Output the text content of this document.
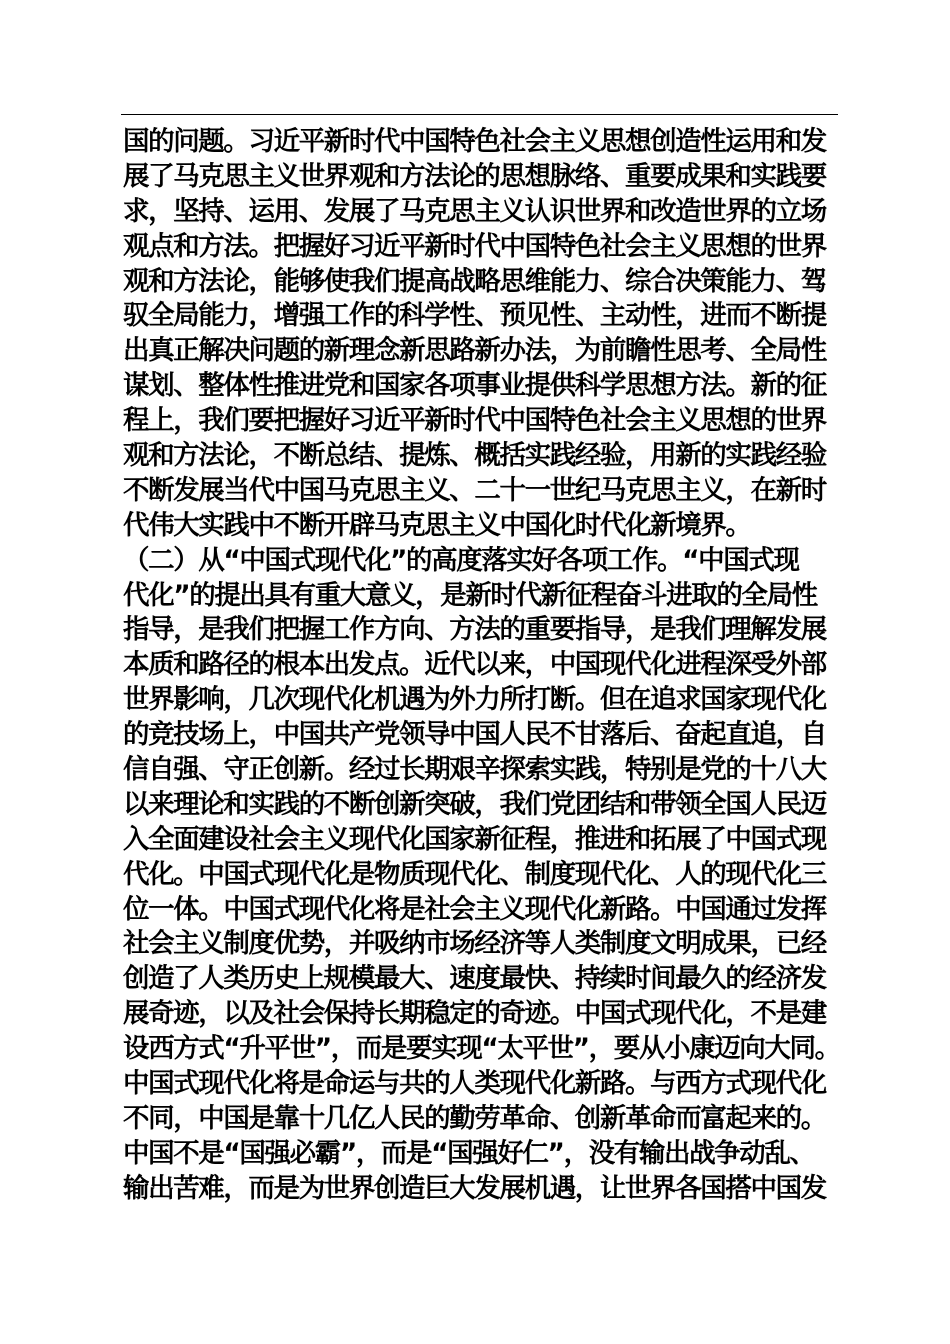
国的问题。习近平新时代中国特色社会主义思想创造性运用和发
展了马克思主义世界观和方法论的思想脉络、重要成果和实践要
求，坚持、运用、发展了马克思主义认识世界和改造世界的立场
观点和方法。把握好习近平新时代中国特色社会主义思想的世界
观和方法论，能够使我们提高战略思维能力、综合决策能力、驾
驭全局能力，增强工作的科学性、预见性、主动性，进而不断提
出真正解决问题的新理念新思路新办法，为前瞻性思考、全局性
谋划、整体性推进党和国家各项事业提供科学思想方法。新的征
程上，我们要把握好习近平新时代中国特色社会主义思想的世界
观和方法论，不断总结、提炼、概括实践经验，用新的实践经验
不断发展当代中国马克思主义、二十一世纪马克思主义，在新时
代伟大实践中不断开辟马克思主义中国化时代化新境界。
（二）从“中国式现代化”的高度落实好各项工作。“中国式现
代化”的提出具有重大意义，是新时代新征程奋斗进取的全局性
指导，是我们把握工作方向、方法的重要指导，是我们理解发展
本质和路径的根本出发点。近代以来，中国现代化进程深受外部
世界影响，几次现代化机遇为外力所打断。但在追求国家现代化
的竞技场上，中国共产党领导中国人民不甘落后、奋起直追，自
信自强、守正创新。经过长期艰辛探索实践，特别是党的十八大
以来理论和实践的不断创新突破，我们党团结和带领全国人民迈
入全面建设社会主义现代化国家新征程，推进和拓展了中国式现
代化。中国式现代化是物质现代化、制度现代化、人的现代化三
位一体。中国式现代化将是社会主义现代化新路。中国通过发挥
社会主义制度优势，并吸纳市场经济等人类制度文明成果，已经
创造了人类历史上规模最大、速度最快、持续时间最久的经济发
展奇迹，以及社会保持长期稳定的奇迹。中国式现代化，不是建
设西方式“升平世”，而是要实现“太平世”，要从小康迈向大同。
中国式现代化将是命运与共的人类现代化新路。与西方式现代化
不同，中国是靠十几亿人民的勤劳革命、创新革命而富起来的。
中国不是“国强必霸”，而是“国强好仁”，没有输出战争动乱、
输出苦难，而是为世界创造巨大发展机遇，让世界各国搭中国发
